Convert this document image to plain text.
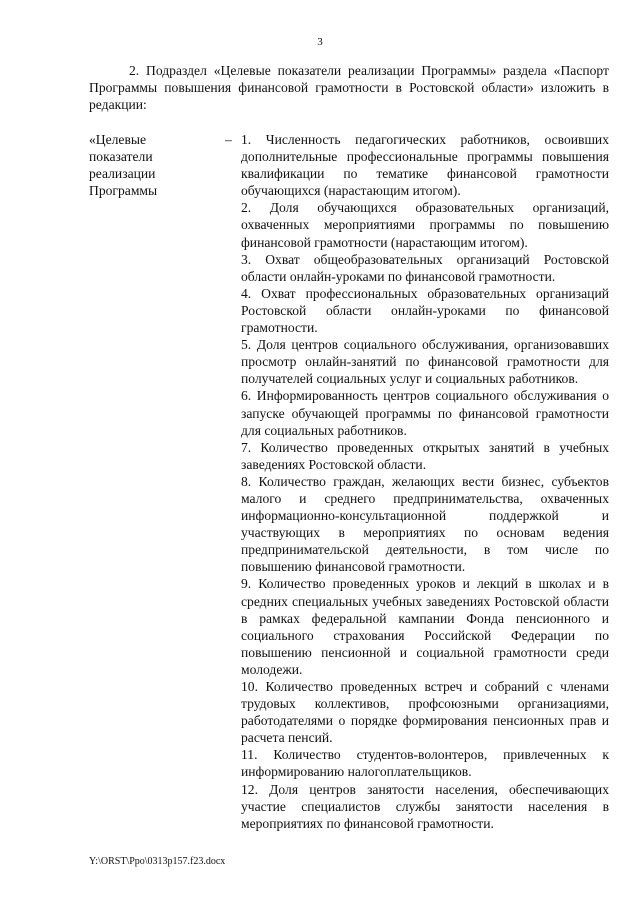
3

2. Подраздел «Целевые показатели реализации Программы» раздела «Паспорт Программы повышения финансовой грамотности в Ростовской области» изложить в редакции:

«Целевые показатели реализации Программы

– 1. Численность педагогических работников, освоивших дополнительные профессиональные программы повышения квалификации по тематике финансовой грамотности обучающихся (нарастающим итогом).

2. Доля обучающихся образовательных организаций, охваченных мероприятиями программы по повышению финансовой грамотности (нарастающим итогом).

3. Охват общеобразовательных организаций Ростовской области онлайн-уроками по финансовой грамотности.

4. Охват профессиональных образовательных организаций Ростовской области онлайн-уроками по финансовой грамотности.

5. Доля центров социального обслуживания, организовавших просмотр онлайн-занятий по финансовой грамотности для получателей социальных услуг и социальных работников.

6. Информированность центров социального обслуживания о запуске обучающей программы по финансовой грамотности для социальных работников.

7. Количество проведенных открытых занятий в учебных заведениях Ростовской области.

8. Количество граждан, желающих вести бизнес, субъектов малого и среднего предпринимательства, охваченных информационно-консультационной поддержкой и участвующих в мероприятиях по основам ведения предпринимательской деятельности, в том числе по повышению финансовой грамотности.

9. Количество проведенных уроков и лекций в школах и в средних специальных учебных заведениях Ростовской области в рамках федеральной кампании Фонда пенсионного и социального страхования Российской Федерации по повышению пенсионной и социальной грамотности среди молодежи.

10. Количество проведенных встреч и собраний с членами трудовых коллективов, профсоюзными организациями, работодателями о порядке формирования пенсионных прав и расчета пенсий.

11. Количество студентов-волонтеров, привлеченных к информированию налогоплательщиков.

12. Доля центров занятости населения, обеспечивающих участие специалистов службы занятости населения в мероприятиях по финансовой грамотности.

Y:\ORST\Ppo\0313p157.f23.docx
